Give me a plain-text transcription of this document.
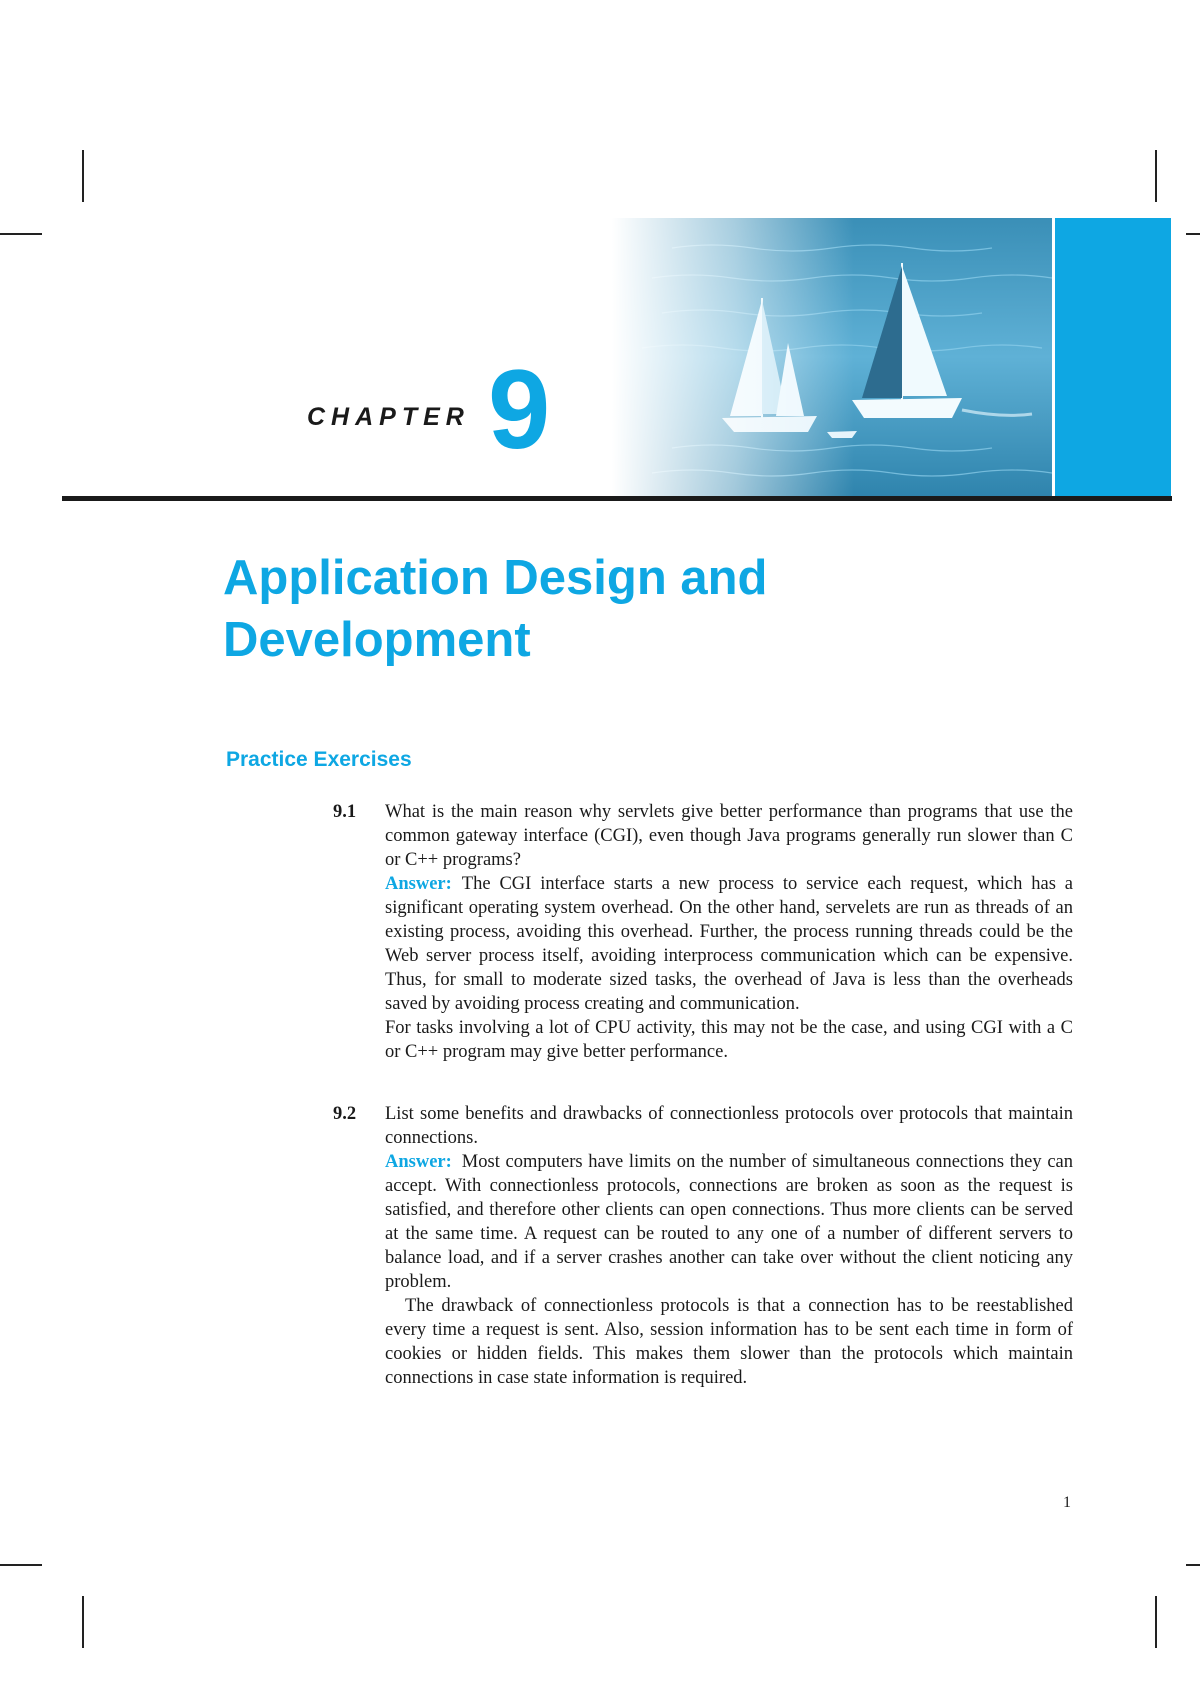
CHAPTER 9
Application Design and
Development
Practice Exercises
9.1 What is the main reason why servlets give better performance than programs that use the common gateway interface (CGI), even though Java programs generally run slower than C or C++ programs?

Answer: The CGI interface starts a new process to service each request, which has a significant operating system overhead. On the other hand, servelets are run as threads of an existing process, avoiding this overhead. Further, the process running threads could be the Web server process itself, avoiding interprocess communication which can be expensive. Thus, for small to moderate sized tasks, the overhead of Java is less than the overheads saved by avoiding process creating and communication.

For tasks involving a lot of CPU activity, this may not be the case, and using CGI with a C or C++ program may give better performance.

9.2 List some benefits and drawbacks of connectionless protocols over protocols that maintain connections.

Answer: Most computers have limits on the number of simultaneous connections they can accept. With connectionless protocols, connections are broken as soon as the request is satisfied, and therefore other clients can open connections. Thus more clients can be served at the same time. A request can be routed to any one of a number of different servers to balance load, and if a server crashes another can take over without the client noticing any problem.

The drawback of connectionless protocols is that a connection has to be reestablished every time a request is sent. Also, session information has to be sent each time in form of cookies or hidden fields. This makes them slower than the protocols which maintain connections in case state information is required.

1
